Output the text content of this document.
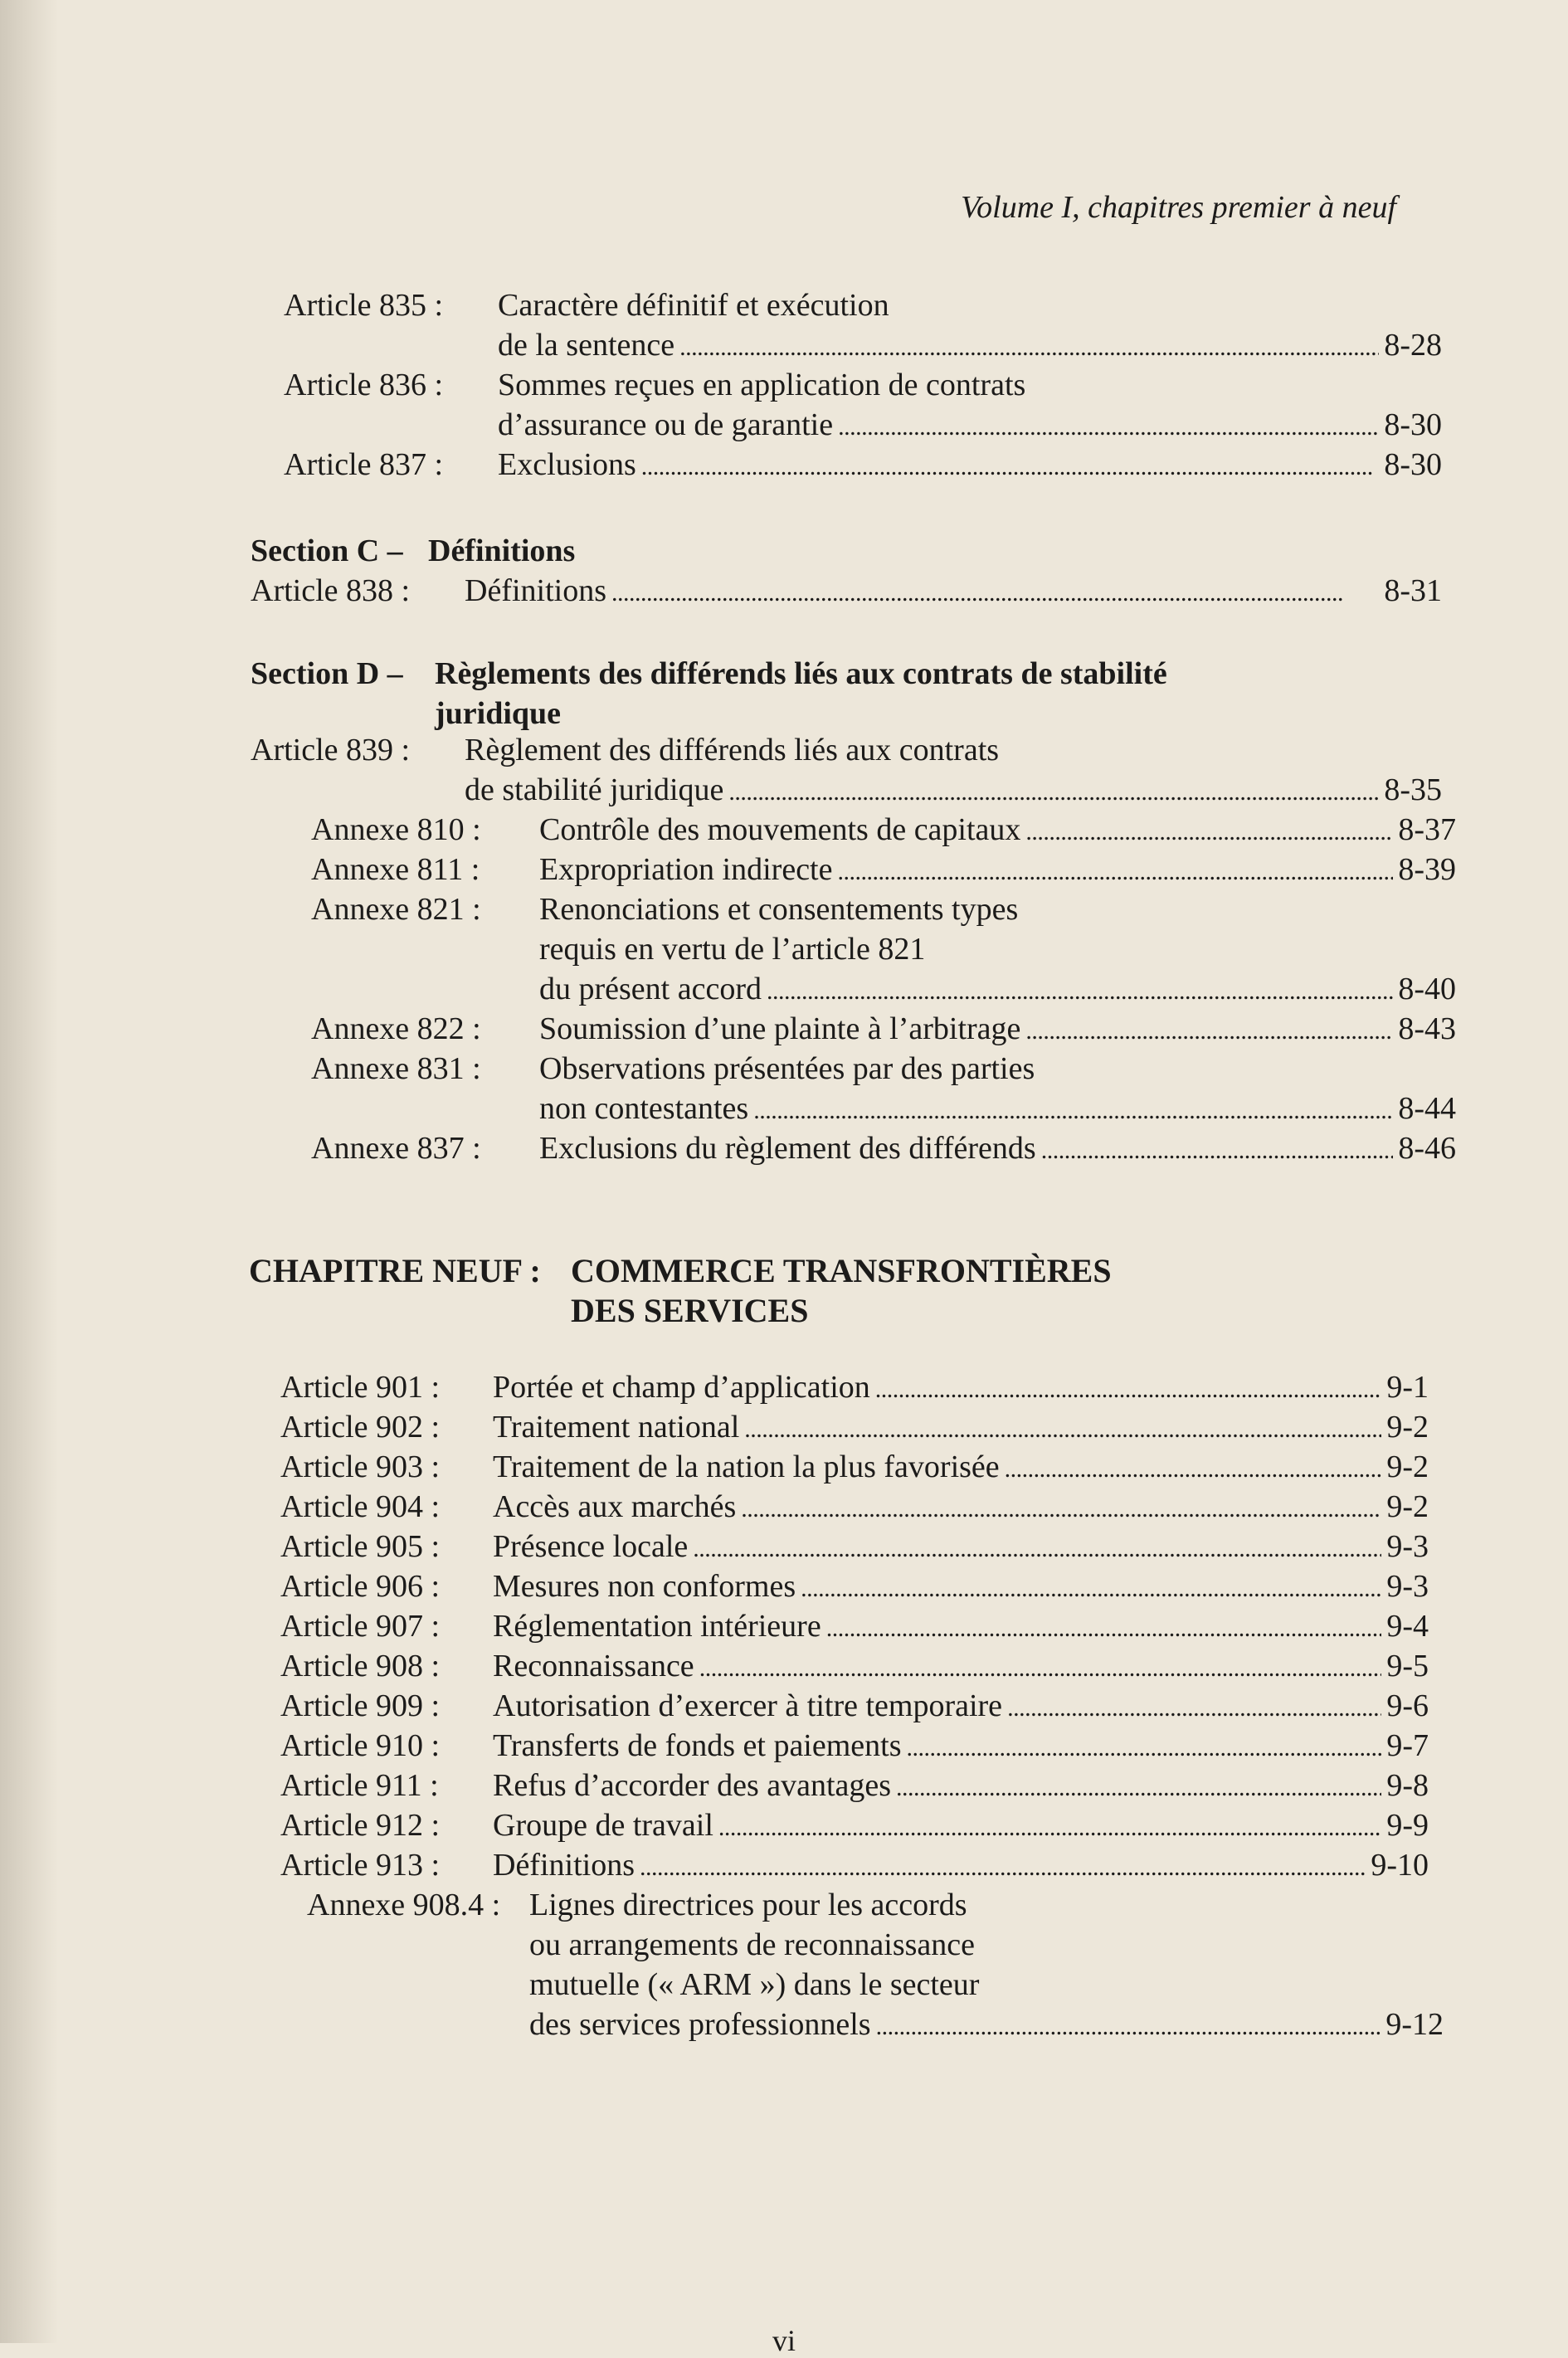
Volume I, chapitres premier à neuf
Article 835 : Caractère définitif et exécution
de la sentence . . .	8-28
Article 836 : Sommes reçues en application de contrats
d’assurance ou de garantie . . .	8-30
Article 837 : Exclusions . . .	8-30
Article 838 : Définitions . . .	8-31
Article 839 : Règlement des différends liés aux contrats
de stabilité juridique . . .	8-35
Annexe 810 : Contrôle des mouvements de capitaux . . .	8-37
Annexe 811 : Expropriation indirecte . . .	8-39
Annexe 821 : Renonciations et consentements types
requis en vertu de l’article 821
du présent accord . . .	8-40
Annexe 822 : Soumission d’une plainte à l’arbitrage . . .	8-43
Annexe 831 : Observations présentées par des parties
non contestantes . . .	8-44
Annexe 837 : Exclusions du règlement des différends . . .	8-46
Article 901 : Portée et champ d’application . . .	9-1
Article 902 : Traitement national . . .	9-2
Article 903 : Traitement de la nation la plus favorisée . . .	9-2
Article 904 : Accès aux marchés . . .	9-2
Article 905 : Présence locale . . .	9-3
Article 906 : Mesures non conformes . . .	9-3
Article 907 : Réglementation intérieure . . .	9-4
Article 908 : Reconnaissance . . .	9-5
Article 909 : Autorisation d’exercer à titre temporaire . . .	9-6
Article 910 : Transferts de fonds et paiements . . .	9-7
Article 911 : Refus d’accorder des avantages . . .	9-8
Article 912 : Groupe de travail . . .	9-9
Article 913 : Définitions . . .	9-10
Annexe 908.4 : Lignes directrices pour les accords
ou arrangements de reconnaissance
mutuelle (« ARM ») dans le secteur
des services professionnels . . .	9-12
Section C – Définitions
Section D – Règlements des différends liés aux contrats de stabilité
juridique
CHAPITRE NEUF : COMMERCE TRANSFRONTIÈRES
DES SERVICES
vi
